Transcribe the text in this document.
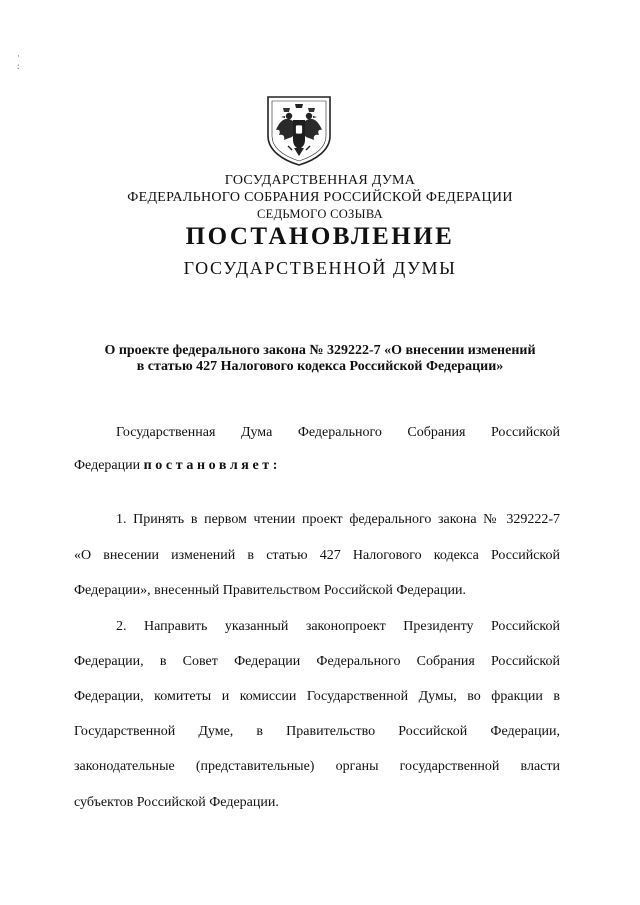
·
:
ГОСУДАРСТВЕННАЯ ДУМА
ФЕДЕРАЛЬНОГО СОБРАНИЯ РОССИЙСКОЙ ФЕДЕРАЦИИ
СЕДЬМОГО СОЗЫВА
ПОСТАНОВЛЕНИЕ
ГОСУДАРСТВЕННОЙ ДУМЫ
О проекте федерального закона № 329222-7 «О внесении изменений
в статью 427 Налогового кодекса Российской Федерации»
Государственная Дума Федерального Собрания Российской
Федерации постановляет:
1. Принять в первом чтении проект федерального закона № 329222-7
«О внесении изменений в статью 427 Налогового кодекса Российской
Федерации», внесенный Правительством Российской Федерации.
2. Направить указанный законопроект Президенту Российской
Федерации, в Совет Федерации Федерального Собрания Российской
Федерации, комитеты и комиссии Государственной Думы, во фракции в
Государственной Думе, в Правительство Российской Федерации,
законодательные (представительные) органы государственной власти
субъектов Российской Федерации.
